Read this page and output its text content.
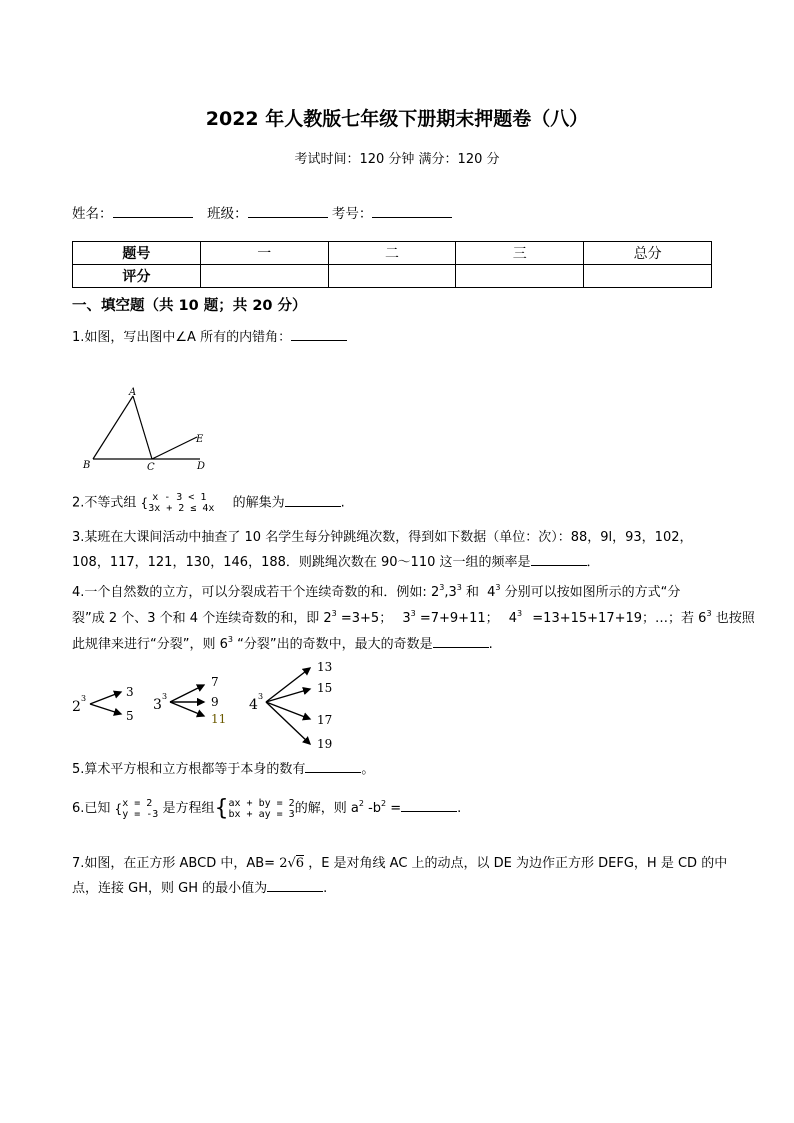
2022 年人教版七年级下册期末押题卷（八）
考试时间：120 分钟 满分：120 分
姓名：	班级：	考号：
题号	一	二	三	总分
评分				
一、填空题（共 10 题；共 20 分）
1.如图，写出图中∠A 所有的内错角：
A
B	C	D
E
2.不等式组 { x - 3 < 1
3x + 2 ≤ 4x 的解集为	.
3.某班在大课间活动中抽查了 10 名学生每分钟跳绳次数，得到如下数据（单位：次）：88，9l，93，102，
108，117，121，130，146，188．则跳绳次数在 90～110 这一组的频率是	．
4.一个自然数的立方，可以分裂成若干个连续奇数的和．例如: $2^3,3^3$ 和 $4^3$ 分别可以按如图所示的方式“分
裂”成 2 个、3 个和 4 个连续奇数的和，即 $2^3 =3+5$； $3^3 =7+9+11$； $4^3 =13+15+17+19$；…；若 $6^3$ 也按照
此规律来进行“分裂”，则 $6^3$ “分裂”出的奇数中，最大的奇数是	.
2
3	3
5
3
3
7
9
11
4
3
13
15
17
19
5.算术平方根和立方根都等于本身的数有	。
6.已知 {x = 2
y = -3 是方程组{ax + by = 2
bx + ay = 3的解，则 $a^2$ $-b^2$ =	.
7.如图，在正方形 ABCD 中，AB= 2√6 ，E 是对角线 AC 上的动点，以 DE 为边作正方形 DEFG，H 是 CD 的中
点，连接 GH，则 GH 的最小值为	.
